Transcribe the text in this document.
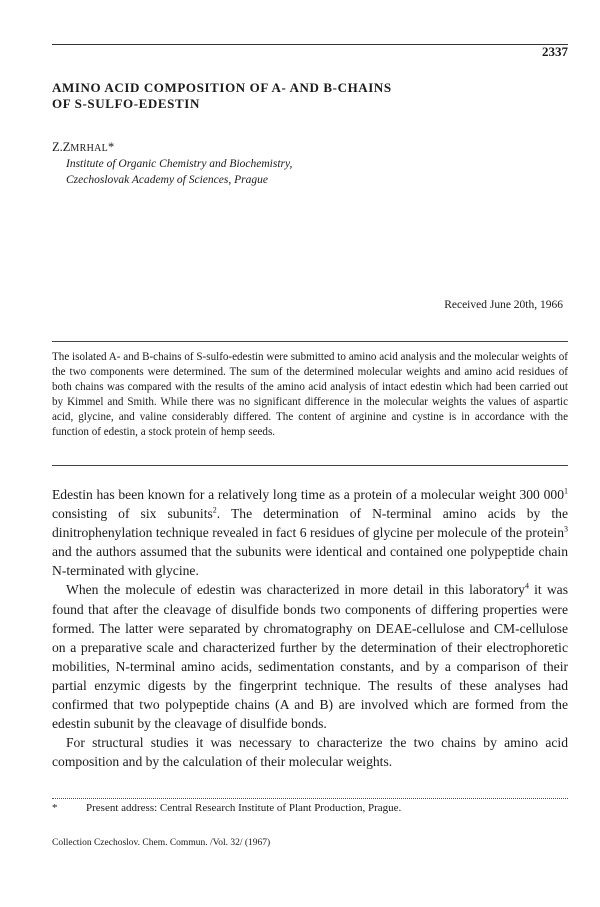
2337
AMINO ACID COMPOSITION OF A- AND B-CHAINS
OF S-SULFO-EDESTIN
Z.ZMRHAL*
Institute of Organic Chemistry and Biochemistry,
Czechoslovak Academy of Sciences, Prague
Received June 20th, 1966

The isolated A- and B-chains of S-sulfo-edestin were submitted to amino acid analysis and the molecular weights of the two components were determined. The sum of the determined molecular weights and amino acid residues of both chains was compared with the results of the amino acid analysis of intact edestin which had been carried out by Kimmel and Smith. While there was no significant difference in the molecular weights the values of aspartic acid, glycine, and valine considerably differed. The content of arginine and cystine is in accordance with the function of edestin, a stock protein of hemp seeds.

Edestin has been known for a relatively long time as a protein of a molecular weight 300 $000^1$ consisting of six subunits$^2$. The determination of N-terminal amino acids by the dinitrophenylation technique revealed in fact 6 residues of glycine per molecule of the protein$^3$ and the authors assumed that the subunits were identical and contained one polypeptide chain N-terminated with glycine.

When the molecule of edestin was characterized in more detail in this laboratory$^4$ it was found that after the cleavage of disulfide bonds two components of differing properties were formed. The latter were separated by chromatography on DEAE-cellulose and CM-cellulose on a preparative scale and characterized further by the determination of their electrophoretic mobilities, N-terminal amino acids, sedimentation constants, and by a comparison of their partial enzymic digests by the fingerprint technique. The results of these analyses had confirmed that two polypeptide chains (A and B) are involved which are formed from the edestin subunit by the cleavage of disulfide bonds.

For structural studies it was necessary to characterize the two chains by amino acid composition and by the calculation of their molecular weights.

*	Present address: Central Research Institute of Plant Production, Prague.
Collection Czechoslov. Chem. Commun. /Vol. 32/ (1967)
